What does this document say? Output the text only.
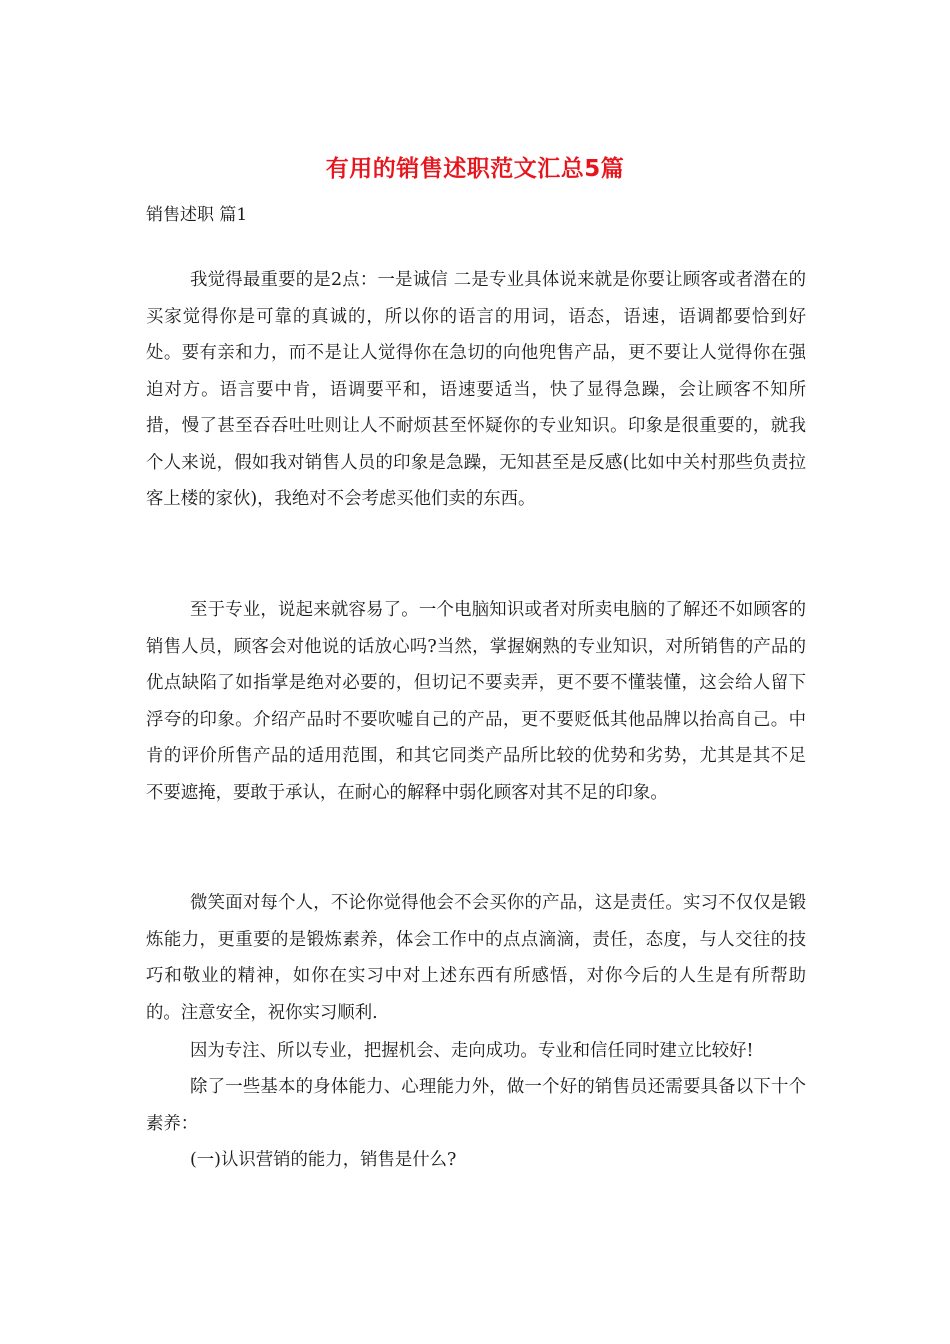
有用的销售述职范文汇总5篇
销售述职 篇1

我觉得最重要的是2点：一是诚信 二是专业具体说来就是你要让顾客或者潜在的买家觉得你是可靠的真诚的，所以你的语言的用词，语态，语速，语调都要恰到好处。要有亲和力，而不是让人觉得你在急切的向他兜售产品，更不要让人觉得你在强迫对方。语言要中肯，语调要平和，语速要适当，快了显得急躁，会让顾客不知所措，慢了甚至吞吞吐吐则让人不耐烦甚至怀疑你的专业知识。印象是很重要的，就我个人来说，假如我对销售人员的印象是急躁，无知甚至是反感(比如中关村那些负责拉客上楼的家伙)，我绝对不会考虑买他们卖的东西。

至于专业，说起来就容易了。一个电脑知识或者对所卖电脑的了解还不如顾客的销售人员，顾客会对他说的话放心吗?当然，掌握娴熟的专业知识，对所销售的产品的优点缺陷了如指掌是绝对必要的，但切记不要卖弄，更不要不懂装懂，这会给人留下浮夸的印象。介绍产品时不要吹嘘自己的产品，更不要贬低其他品牌以抬高自己。中肯的评价所售产品的适用范围，和其它同类产品所比较的优势和劣势，尤其是其不足不要遮掩，要敢于承认，在耐心的解释中弱化顾客对其不足的印象。

微笑面对每个人，不论你觉得他会不会买你的产品，这是责任。实习不仅仅是锻炼能力，更重要的是锻炼素养，体会工作中的点点滴滴，责任，态度，与人交往的技巧和敬业的精神，如你在实习中对上述东西有所感悟，对你今后的人生是有所帮助的。注意安全，祝你实习顺利.

因为专注、所以专业，把握机会、走向成功。专业和信任同时建立比较好!

除了一些基本的身体能力、心理能力外，做一个好的销售员还需要具备以下十个素养：

(一)认识营销的能力，销售是什么?
